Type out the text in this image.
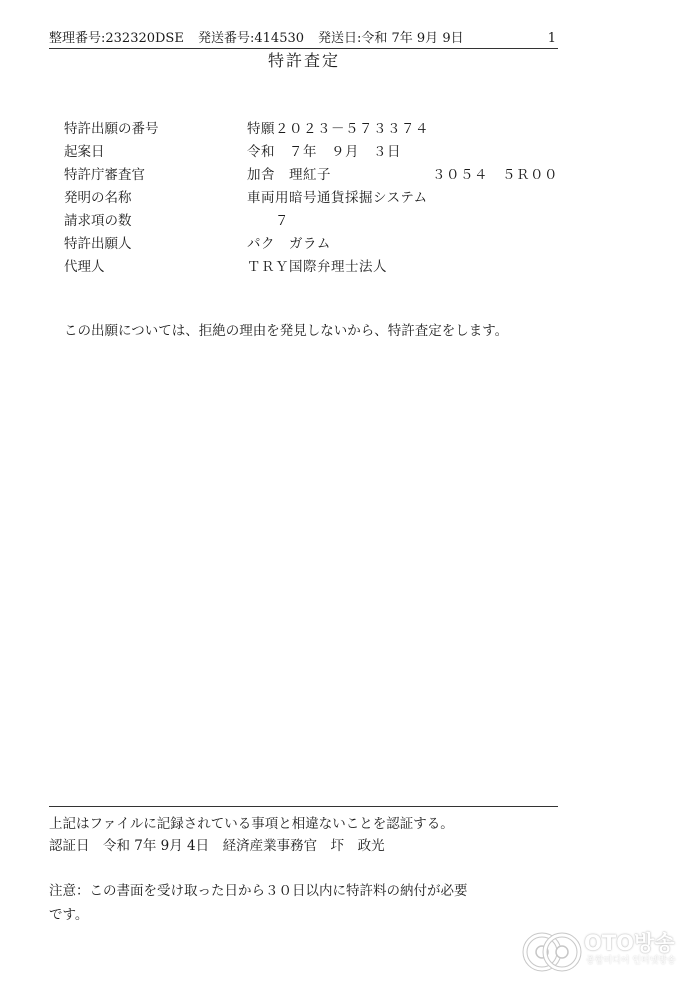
整理番号:232320DSE 発送番号:414530 発送日:令和 7年 9月 9日	1
特許査定
特許出願の番号	特願２０２３－５７３３７４
起案日	令和　７年　９月　３日
特許庁審査官	加舎　理紅子	３０５４　５Ｒ００
発明の名称	車両用暗号通貨採掘システム
請求項の数	　　７
特許出願人	パク　ガラム
代理人	ＴＲＹ国際弁理士法人
この出願については、拒絶の理由を発見しないから、特許査定をします。
上記はファイルに記録されている事項と相違ないことを認証する。
認証日　令和 7年 9月 4日　経済産業事務官　圷　政光
注意：この書面を受け取った日から３０日以内に特許料の納付が必要です。
OTO방송
종합미디어 인터넷방송
